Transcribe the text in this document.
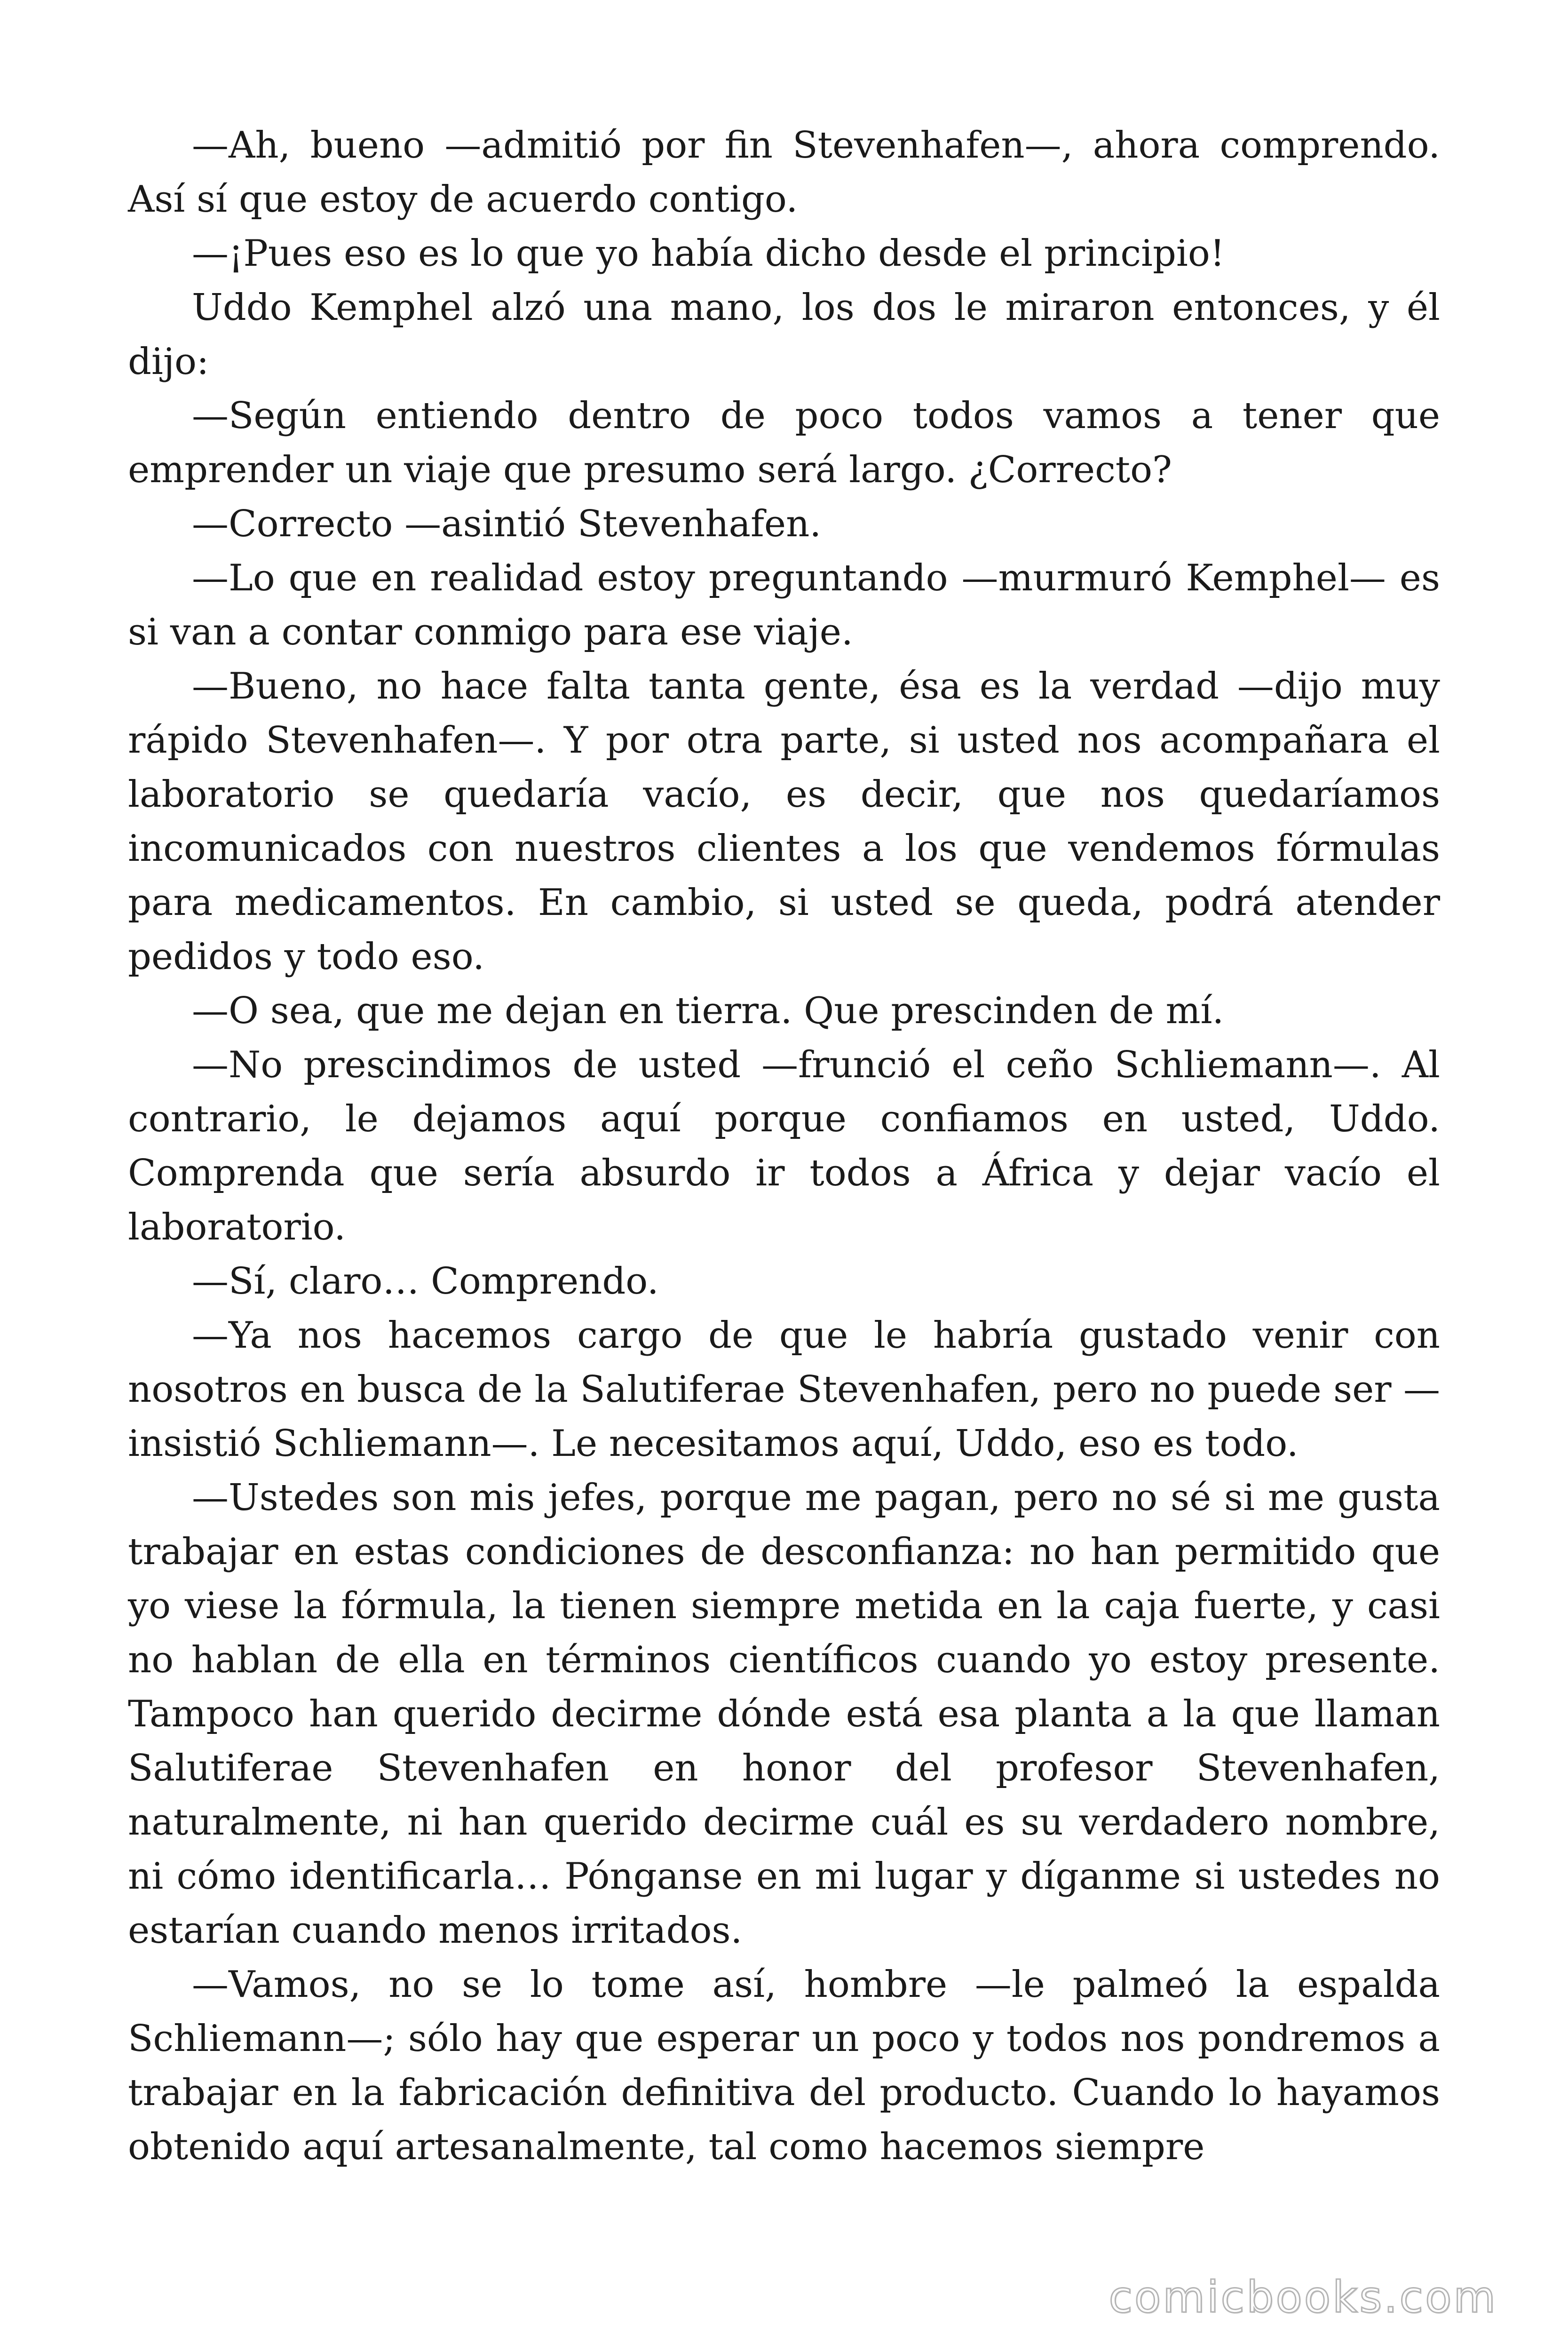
—Ah, bueno —admitió por fin Stevenhafen—, ahora comprendo. Así sí que estoy de acuerdo contigo.

—¡Pues eso es lo que yo había dicho desde el principio!

Uddo Kemphel alzó una mano, los dos le miraron entonces, y él dijo:

—Según entiendo dentro de poco todos vamos a tener que emprender un viaje que presumo será largo. ¿Correcto?

—Correcto —asintió Stevenhafen.

—Lo que en realidad estoy preguntando —murmuró Kemphel— es si van a contar conmigo para ese viaje.

—Bueno, no hace falta tanta gente, ésa es la verdad —dijo muy rápido Stevenhafen—. Y por otra parte, si usted nos acompañara el laboratorio se quedaría vacío, es decir, que nos quedaríamos incomunicados con nuestros clientes a los que vendemos fórmulas para medicamentos. En cambio, si usted se queda, podrá atender pedidos y todo eso.

—O sea, que me dejan en tierra. Que prescinden de mí.

—No prescindimos de usted —frunció el ceño Schliemann—. Al contrario, le dejamos aquí porque confiamos en usted, Uddo. Comprenda que sería absurdo ir todos a África y dejar vacío el laboratorio.

—Sí, claro… Comprendo.

—Ya nos hacemos cargo de que le habría gustado venir con nosotros en busca de la Salutiferae Stevenhafen, pero no puede ser —insistió Schliemann—. Le necesitamos aquí, Uddo, eso es todo.

—Ustedes son mis jefes, porque me pagan, pero no sé si me gusta trabajar en estas condiciones de desconfianza: no han permitido que yo viese la fórmula, la tienen siempre metida en la caja fuerte, y casi no hablan de ella en términos científicos cuando yo estoy presente. Tampoco han querido decirme dónde está esa planta a la que llaman Salutiferae Stevenhafen en honor del profesor Stevenhafen, naturalmente, ni han querido decirme cuál es su verdadero nombre, ni cómo identificarla… Pónganse en mi lugar y díganme si ustedes no estarían cuando menos irritados.

—Vamos, no se lo tome así, hombre —le palmeó la espalda Schliemann—; sólo hay que esperar un poco y todos nos pondremos a trabajar en la fabricación definitiva del producto. Cuando lo hayamos obtenido aquí artesanalmente, tal como hacemos siempre

comicbooks.com
